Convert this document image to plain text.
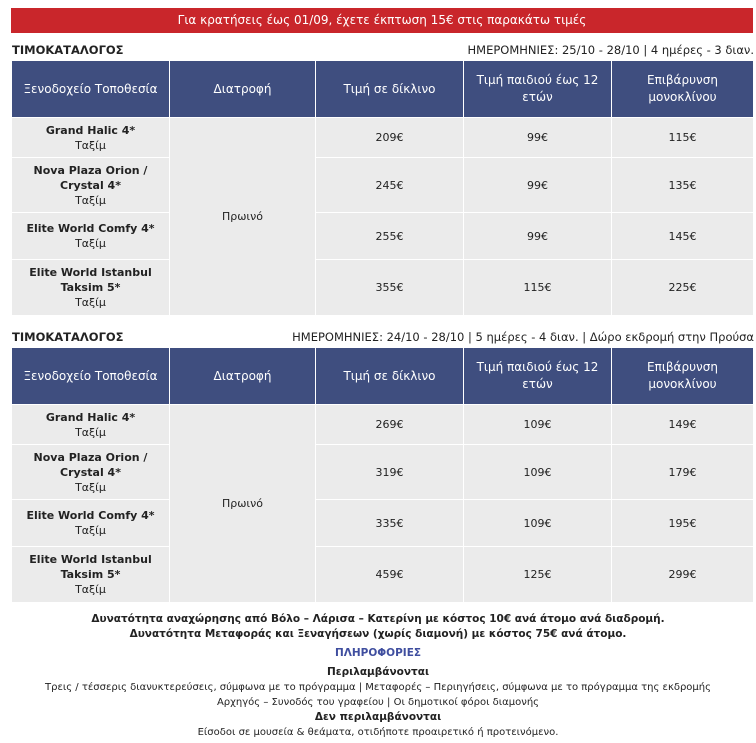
Για κρατήσεις έως 01/09, έχετε έκπτωση 15€ στις παρακάτω τιμές
ΤΙΜΟΚΑΤΑΛΟΓΟΣ	ΗΜΕΡΟΜΗΝΙΕΣ: 25/10 - 28/10 | 4 ημέρες - 3 διαν.
Ξενοδοχείο Τοποθεσία	Διατροφή	Τιμή σε δίκλινο	Τιμή παιδιού έως 12 ετών	Επιβάρυνση μονοκλίνου

Grand Halic 4*
Ταξίμ	Πρωινό	209€	99€	115€

Nova Plaza Orion / Crystal 4*
Ταξίμ		245€	99€	135€

Elite World Comfy 4*
Ταξίμ		255€	99€	145€

Elite World Istanbul Taksim 5*
Ταξίμ		355€	115€	225€
ΤΙΜΟΚΑΤΑΛΟΓΟΣ	ΗΜΕΡΟΜΗΝΙΕΣ: 24/10 - 28/10 | 5 ημέρες - 4 διαν. | Δώρο εκδρομή στην Προύσα
Ξενοδοχείο Τοποθεσία	Διατροφή	Τιμή σε δίκλινο	Τιμή παιδιού έως 12 ετών	Επιβάρυνση μονοκλίνου

Grand Halic 4*
Ταξίμ	Πρωινό	269€	109€	149€

Nova Plaza Orion / Crystal 4*
Ταξίμ		319€	109€	179€

Elite World Comfy 4*
Ταξίμ		335€	109€	195€

Elite World Istanbul Taksim 5*
Ταξίμ		459€	125€	299€
Δυνατότητα αναχώρησης από Βόλο – Λάρισα – Κατερίνη με κόστος 10€ ανά άτομο ανά διαδρομή.
Δυνατότητα Μεταφοράς και Ξεναγήσεων (χωρίς διαμονή) με κόστος 75€ ανά άτομο.
ΠΛΗΡΟΦΟΡΙΕΣ
Περιλαμβάνονται
Τρεις / τέσσερις διανυκτερεύσεις, σύμφωνα με το πρόγραμμα | Μεταφορές – Περιηγήσεις, σύμφωνα με το πρόγραμμα της εκδρομής
Αρχηγός – Συνοδός του γραφείου | Οι δημοτικοί φόροι διαμονής
Δεν περιλαμβάνονται
Είσοδοι σε μουσεία & θεάματα, οτιδήποτε προαιρετικό ή προτεινόμενο.
